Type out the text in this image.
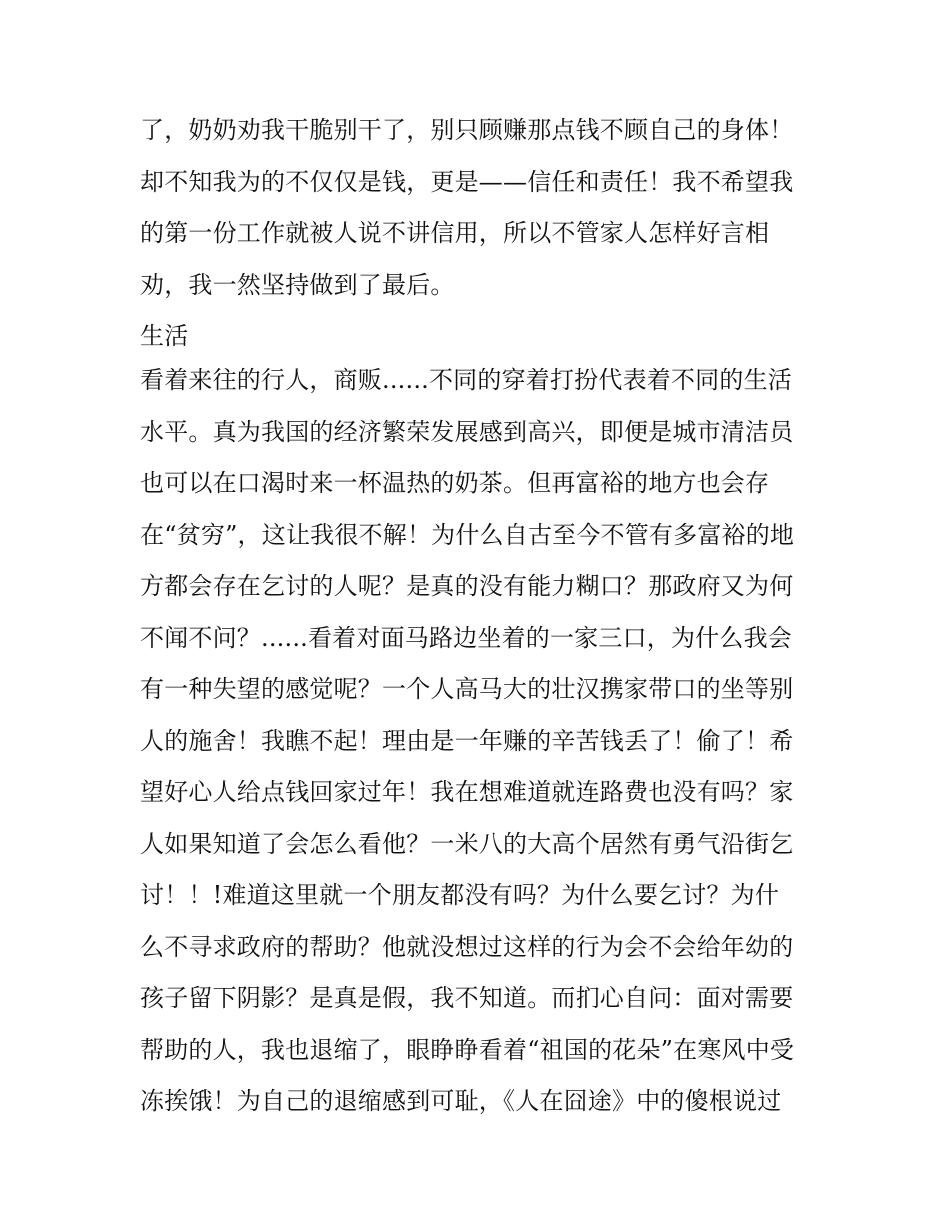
了，奶奶劝我干脆别干了，别只顾赚那点钱不顾自己的身体！
却不知我为的不仅仅是钱，更是——信任和责任！我不希望我
的第一份工作就被人说不讲信用，所以不管家人怎样好言相
劝，我一然坚持做到了最后。
生活
看着来往的行人，商贩......不同的穿着打扮代表着不同的生活
水平。真为我国的经济繁荣发展感到高兴，即便是城市清洁员
也可以在口渴时来一杯温热的奶茶。但再富裕的地方也会存
在“贫穷”，这让我很不解！为什么自古至今不管有多富裕的地
方都会存在乞讨的人呢？是真的没有能力糊口？那政府又为何
不闻不问？......看着对面马路边坐着的一家三口，为什么我会
有一种失望的感觉呢？一个人高马大的壮汉携家带口的坐等别
人的施舍！我瞧不起！理由是一年赚的辛苦钱丢了！偷了！希
望好心人给点钱回家过年！我在想难道就连路费也没有吗？家
人如果知道了会怎么看他？一米八的大高个居然有勇气沿街乞
讨！！!难道这里就一个朋友都没有吗？为什么要乞讨？为什
么不寻求政府的帮助？他就没想过这样的行为会不会给年幼的
孩子留下阴影？是真是假，我不知道。而扪心自问：面对需要
帮助的人，我也退缩了，眼睁睁看着“祖国的花朵”在寒风中受
冻挨饿！为自己的退缩感到可耻，《人在囧途》中的傻根说过
